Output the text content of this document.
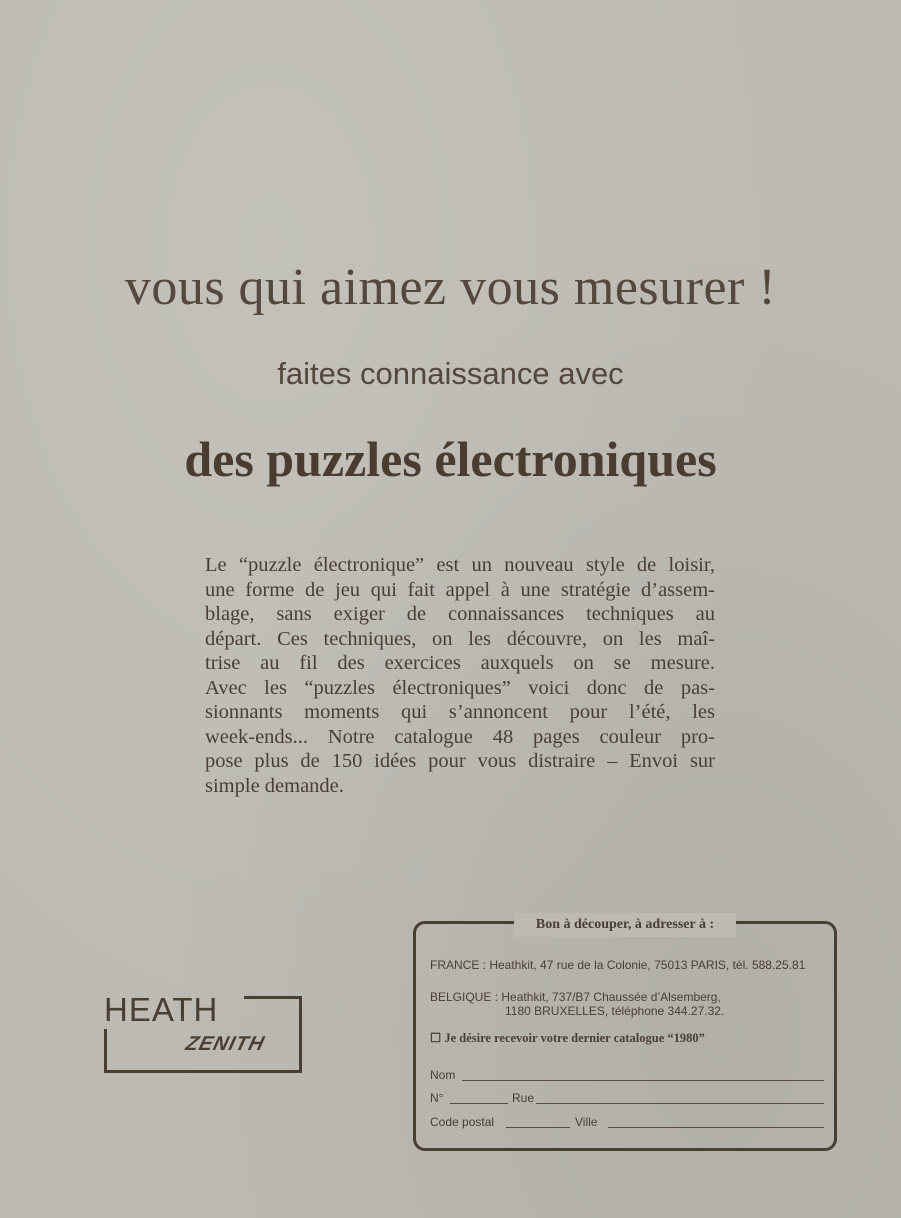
vous qui aimez vous mesurer !
faites connaissance avec
des puzzles électroniques
Le “puzzle électronique” est un nouveau style de loisir,
une forme de jeu qui fait appel à une stratégie d’assem-
blage, sans exiger de connaissances techniques au
départ. Ces techniques, on les découvre, on les maî-
trise au fil des exercices auxquels on se mesure.
Avec les “puzzles électroniques” voici donc de pas-
sionnants moments qui s’annoncent pour l’été, les
week-ends... Notre catalogue 48 pages couleur pro-
pose plus de 150 idées pour vous distraire – Envoi sur
simple demande.
HEATH
ZENITH
Bon à découper, à adresser à :
FRANCE : Heathkit, 47 rue de la Colonie, 75013 PARIS, tél. 588.25.81
BELGIQUE : Heathkit, 737/B7 Chaussée d’Alsemberg,
1180 BRUXELLES, téléphone 344.27.32.
☐ Je désire recevoir votre dernier catalogue “1980”
Nom
N°	Rue
Code postal	Ville
